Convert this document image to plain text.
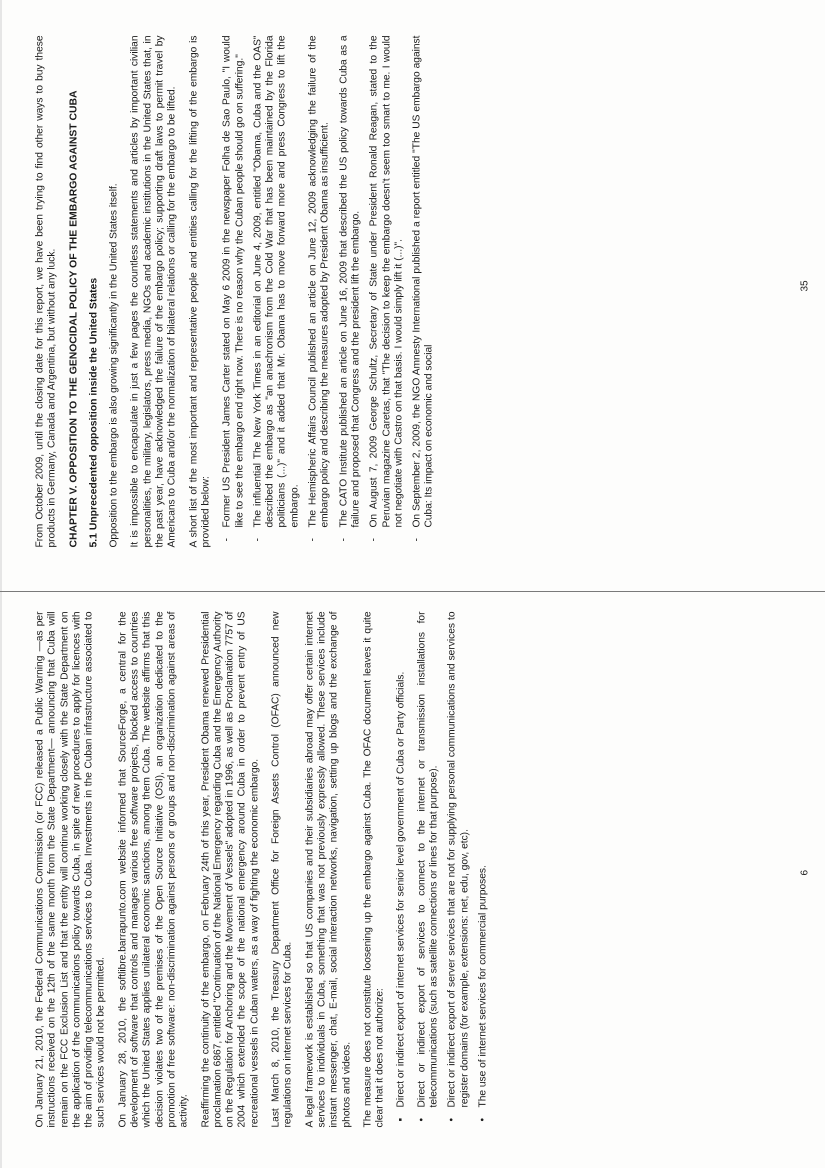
On January 21, 2010, the Federal Communications Commission (or FCC) released a Public Warning —as per instructions received on the 12th of the same month from the State Department— announcing that Cuba will remain on the FCC Exclusion List and that the entity will continue working closely with the State Department on the application of the communications policy towards Cuba, in spite of new procedures to apply for licences with the aim of providing telecommunications services to Cuba. Investments in the Cuban infrastructure associated to such services would not be permitted. On January 28, 2010, the softlibre.barrapunto.com website informed that SourceForge, a central for the development of software that controls and manages various free software projects, blocked access to countries which the United States applies unilateral economic sanctions, among them Cuba. The website affirms that this decision violates two of the premises of the Open Source Initiative (OSI), an organization dedicated to the promotion of free software: non-discrimination against persons or groups and non-discrimination against areas of activity. Reaffirming the continuity of the embargo, on February 24th of this year, President Obama renewed Presidential proclamation 6867, entitled "Continuation of the National Emergency regarding Cuba and the Emergency Authority on the Regulation for Anchoring and the Movement of Vessels" adopted in 1996, as well as Proclamation 7757 of 2004 which extended the scope of the national emergency around Cuba in order to prevent entry of US recreational vessels in Cuban waters, as a way of fighting the economic embargo. Last March 8, 2010, the Treasury Department Office for Foreign Assets Control (OFAC) announced new regulations on internet services for Cuba. A legal framework is established so that US companies and their subsidiaries abroad may offer certain internet services to individuals in Cuba, something that was not previously expressly allowed. These services include instant messenger, chat, E-mail, social interaction networks, navigation, setting up blogs and the exchange of photos and videos. The measure does not constitute loosening up the embargo against Cuba. The OFAC document leaves it quite clear that it does not authorize: ▪ Direct or indirect export of internet services for senior level government of Cuba or Party officials. • Direct or indirect export of services to connect to the internet or transmission installations for telecommunications (such as satellite connections or lines for that purpose). • Direct or indirect export of server services that are not for supplying personal communications and services to register domains (for example, extensions: net, edu, gov, etc). • The use of internet services for commercial purposes.	6

From October 2009, until the closing date for this report, we have been trying to find other ways to buy these products in Germany, Canada and Argentina, but without any luck. CHAPTER V. OPPOSITION TO THE GENOCIDAL POLICY OF THE EMBARGO AGAINST CUBA 5.1 Unprecedented opposition inside the United States Opposition to the embargo is also growing significantly in the United States itself. It is impossible to encapsulate in just a few pages the countless statements and articles by important civilian personalities, the military, legislators, press media, NGOs and academic institutions in the United States that, in the past year, have acknowledged the failure of the embargo policy; supporting draft laws to permit travel by Americans to Cuba and/or the normalization of bilateral relations or calling for the embargo to be lifted. A short list of the most important and representative people and entities calling for the lifting of the embargo is provided below: - Former US President James Carter stated on May 6 2009 in the newspaper Folha de Sao Paulo, "I would like to see the embargo end right now. There is no reason why the Cuban people should go on suffering." - The influential The New York Times in an editorial on June 4, 2009, entitled "Obama, Cuba and the OAS" described the embargo as "an anachronism from the Cold War that has been maintained by the Florida politicians (...)" and it added that Mr. Obama has to move forward more and press Congress to lift the embargo. - The Hemispheric Affairs Council published an article on June 12, 2009 acknowledging the failure of the embargo policy and describing the measures adopted by President Obama as insufficient. - The CATO Institute published an article on June 16, 2009 that described the US policy towards Cuba as a failure and proposed that Congress and the president lift the embargo. - On August 7, 2009 George Schultz, Secretary of State under President Ronald Reagan, stated to the Peruvian magazine Caretas, that "The decision to keep the embargo doesn't seem too smart to me. I would not negotiate with Castro on that basis. I would simply lift it (...)". - On September 2, 2009, the NGO Amnesty International published a report entitled "The US embargo against Cuba: Its impact on economic and social
35
